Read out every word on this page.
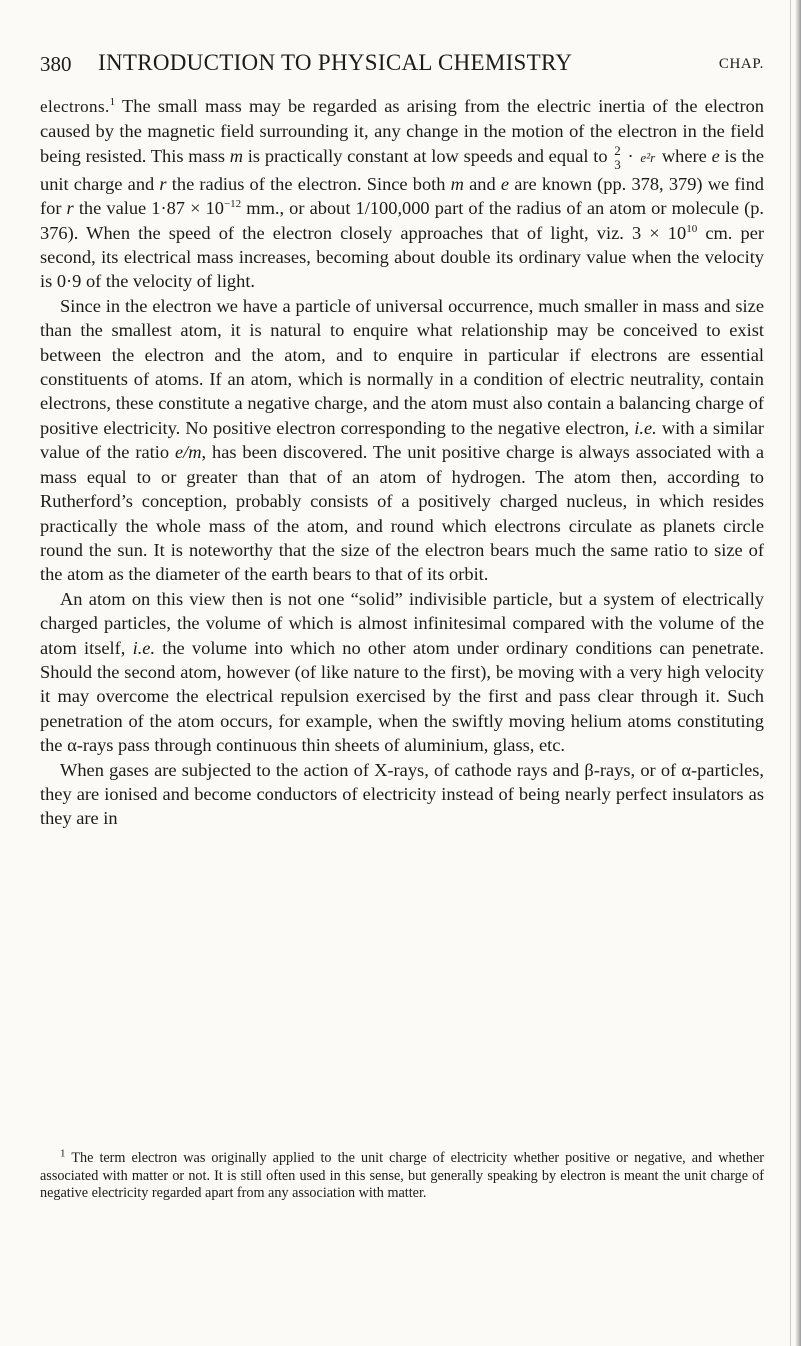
380 INTRODUCTION TO PHYSICAL CHEMISTRY	CHAP.

electrons.$^1$ The small mass may be regarded as arising from the electric inertia of the electron caused by the magnetic field surrounding it, any change in the motion of the electron in the field being resisted. This mass m is practically constant at low speeds and equal to 2
3 · e²r where e is the unit charge and r the radius of the electron. Since both m and e are known (pp. 378, 379) we find for r the value $1\cdot 87 \times 10^{-12}$ mm., or about 1/100,000 part of the radius of an atom or molecule (p. 376). When the speed of the electron closely approaches that of light, viz. $3 \times 10^{10}$ cm. per second, its electrical mass increases, becoming about double its ordinary value when the velocity is 0·9 of the velocity of light.

Since in the electron we have a particle of universal occurrence, much smaller in mass and size than the smallest atom, it is natural to enquire what relationship may be conceived to exist between the electron and the atom, and to enquire in particular if electrons are essential constituents of atoms. If an atom, which is normally in a condition of electric neutrality, contain electrons, these constitute a negative charge, and the atom must also contain a balancing charge of positive electricity. No positive electron corresponding to the negative electron, i.e. with a similar value of the ratio e/m, has been discovered. The unit positive charge is always associated with a mass equal to or greater than that of an atom of hydrogen. The atom then, according to Rutherford’s conception, probably consists of a positively charged nucleus, in which resides practically the whole mass of the atom, and round which electrons circulate as planets circle round the sun. It is noteworthy that the size of the electron bears much the same ratio to size of the atom as the diameter of the earth bears to that of its orbit.

An atom on this view then is not one “solid” indivisible particle, but a system of electrically charged particles, the volume of which is almost infinitesimal compared with the volume of the atom itself, i.e. the volume into which no other atom under ordinary conditions can penetrate. Should the second atom, however (of like nature to the first), be moving with a very high velocity it may overcome the electrical repulsion exercised by the first and pass clear through it. Such penetration of the atom occurs, for example, when the swiftly moving helium atoms constituting the α-rays pass through continuous thin sheets of aluminium, glass, etc.

When gases are subjected to the action of X-rays, of cathode rays and β-rays, or of α-particles, they are ionised and become conductors of electricity instead of being nearly perfect insulators as they are in

$^1$ The term electron was originally applied to the unit charge of electricity whether positive or negative, and whether associated with matter or not. It is still often used in this sense, but generally speaking by electron is meant the unit charge of negative electricity regarded apart from any association with matter.
